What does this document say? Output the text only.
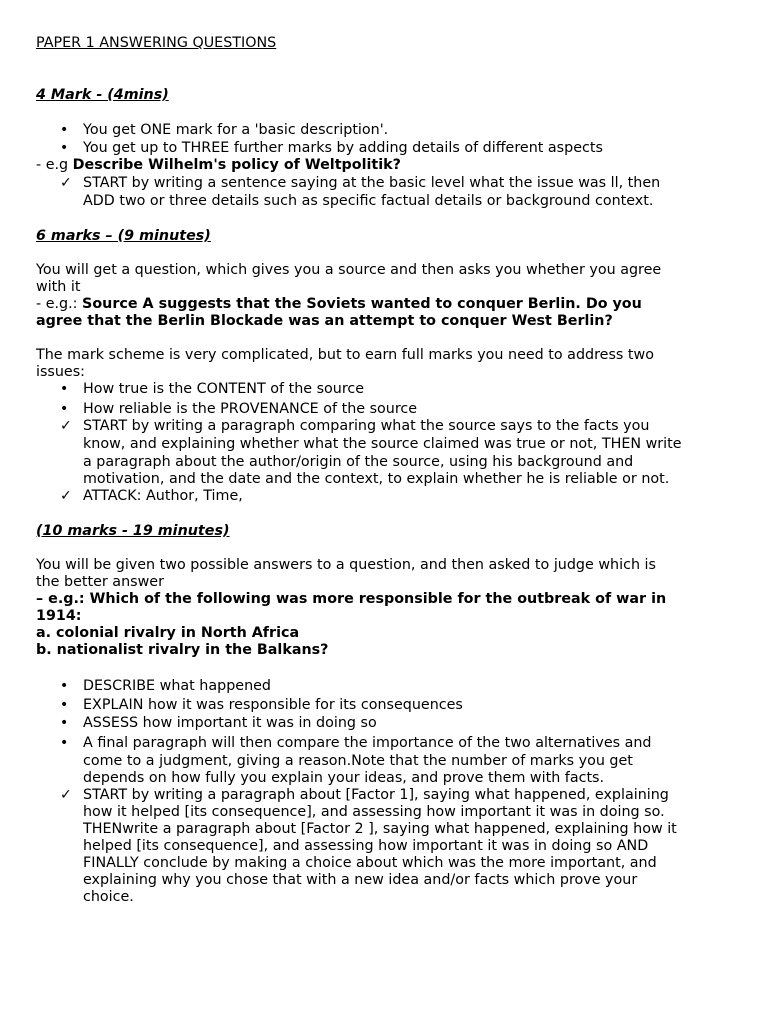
PAPER 1 ANSWERING QUESTIONS
4 Mark - (4mins)
• You get ONE mark for a 'basic description'.
• You get up to THREE further marks by adding details of different aspects
- e.g Describe Wilhelm's policy of Weltpolitik?
✓ START by writing a sentence saying at the basic level what the issue was ll, then
ADD two or three details such as specific factual details or background context.
6 marks – (9 minutes)
You will get a question, which gives you a source and then asks you whether you agree
with it
- e.g.: Source A suggests that the Soviets wanted to conquer Berlin. Do you
agree that the Berlin Blockade was an attempt to conquer West Berlin?
The mark scheme is very complicated, but to earn full marks you need to address two
issues:
• How true is the CONTENT of the source
• How reliable is the PROVENANCE of the source
✓ START by writing a paragraph comparing what the source says to the facts you
know, and explaining whether what the source claimed was true or not, THEN write
a paragraph about the author/origin of the source, using his background and
motivation, and the date and the context, to explain whether he is reliable or not.
✓ ATTACK: Author, Time,
(10 marks - 19 minutes)
You will be given two possible answers to a question, and then asked to judge which is
the better answer
– e.g.: Which of the following was more responsible for the outbreak of war in
1914:
a. colonial rivalry in North Africa
b. nationalist rivalry in the Balkans?
• DESCRIBE what happened
• EXPLAIN how it was responsible for its consequences
• ASSESS how important it was in doing so
• A final paragraph will then compare the importance of the two alternatives and
come to a judgment, giving a reason.Note that the number of marks you get
depends on how fully you explain your ideas, and prove them with facts.
✓ START by writing a paragraph about [Factor 1], saying what happened, explaining
how it helped [its consequence], and assessing how important it was in doing so.
THENwrite a paragraph about [Factor 2 ], saying what happened, explaining how it
helped [its consequence], and assessing how important it was in doing so AND
FINALLY conclude by making a choice about which was the more important, and
explaining why you chose that with a new idea and/or facts which prove your
choice.
